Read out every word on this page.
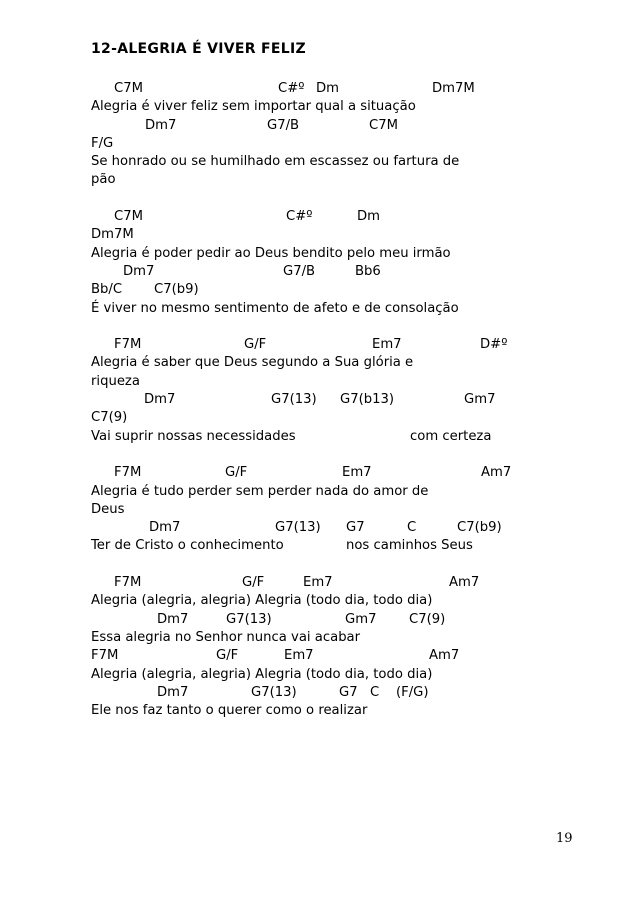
12-ALEGRIA É VIVER FELIZ
C7M	C#º Dm	Dm7M
Alegria é viver feliz sem importar qual a situação
Dm7	G7/B	C7M
F/G
Se honrado ou se humilhado em escassez ou fartura de
pão
C7M	C#º	Dm
Dm7M
Alegria é poder pedir ao Deus bendito pelo meu irmão
Dm7	G7/B	Bb6
Bb/C C7(b9)
É viver no mesmo sentimento de afeto e de consolação
F7M	G/F	Em7	D#º
Alegria é saber que Deus segundo a Sua glória e
riqueza
Dm7	G7(13) G7(b13)	Gm7
C7(9)
Vai suprir nossas necessidades	com certeza
F7M	G/F	Em7	Am7
Alegria é tudo perder sem perder nada do amor de
Deus
Dm7	G7(13) G7	C	C7(b9)
Ter de Cristo o conhecimento	nos caminhos Seus
F7M	G/F	Em7	Am7
Alegria (alegria, alegria) Alegria (todo dia, todo dia)
Dm7	G7(13)	Gm7 C7(9)
Essa alegria no Senhor nunca vai acabar
F7M	G/F	Em7	Am7
Alegria (alegria, alegria) Alegria (todo dia, todo dia)
Dm7	G7(13)	G7 C (F/G)
Ele nos faz tanto o querer como o realizar
19
